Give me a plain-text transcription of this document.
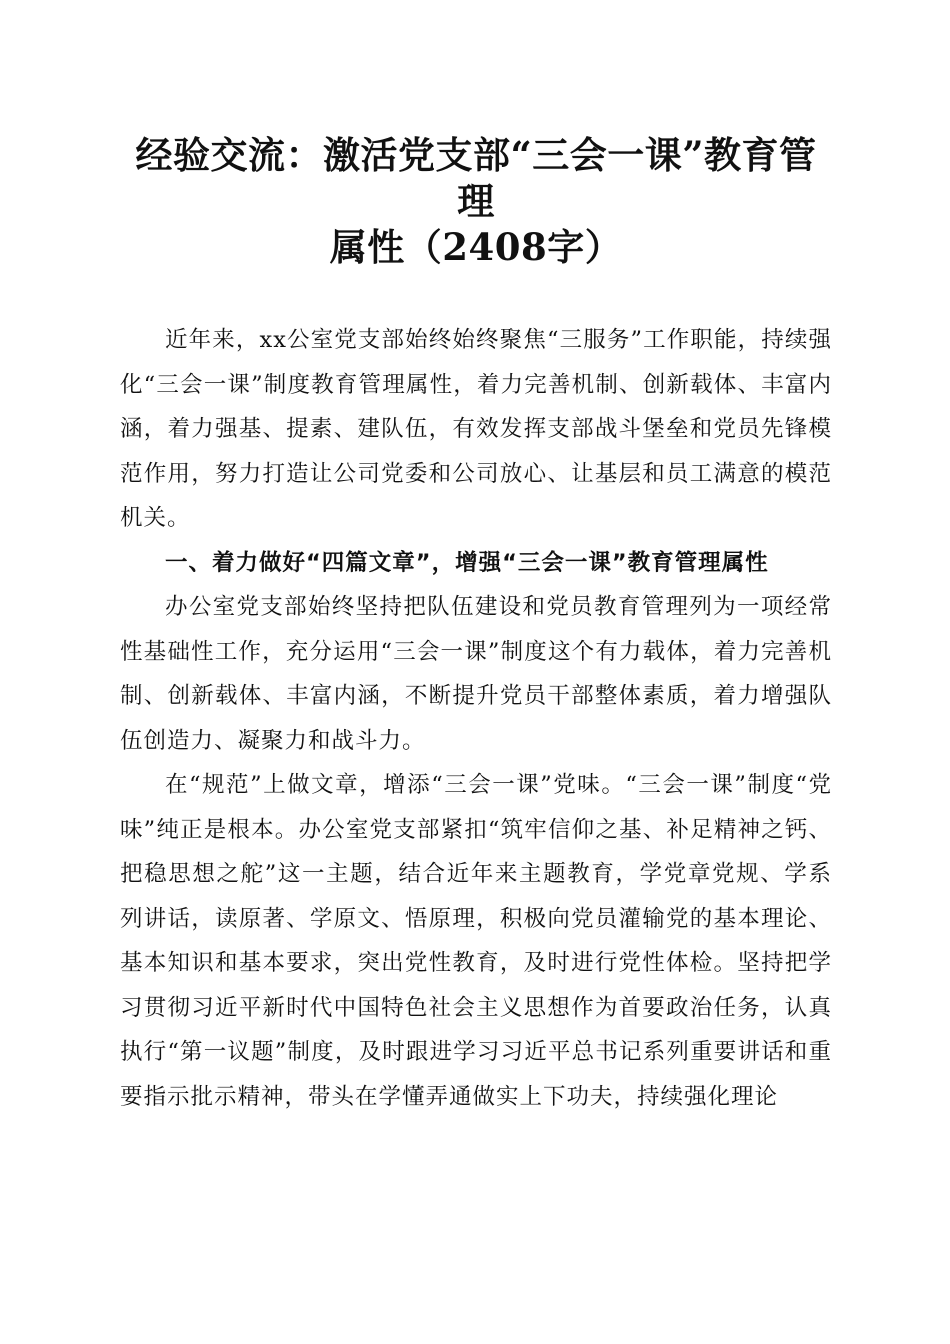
经验交流：激活党支部“三会一课”教育管理
属性（2408字）

近年来，xx公室党支部始终始终聚焦“三服务”工作职能，持续强化“三会一课”制度教育管理属性，着力完善机制、创新载体、丰富内涵，着力强基、提素、建队伍，有效发挥支部战斗堡垒和党员先锋模范作用，努力打造让公司党委和公司放心、让基层和员工满意的模范机关。

一、着力做好“四篇文章”，增强“三会一课”教育管理属性

办公室党支部始终坚持把队伍建设和党员教育管理列为一项经常性基础性工作，充分运用“三会一课”制度这个有力载体，着力完善机制、创新载体、丰富内涵，不断提升党员干部整体素质，着力增强队伍创造力、凝聚力和战斗力。

在“规范”上做文章，增添“三会一课”党味。“三会一课”制度“党味”纯正是根本。办公室党支部紧扣“筑牢信仰之基、补足精神之钙、把稳思想之舵”这一主题，结合近年来主题教育，学党章党规、学系列讲话，读原著、学原文、悟原理，积极向党员灌输党的基本理论、基本知识和基本要求，突出党性教育，及时进行党性体检。坚持把学习贯彻习近平新时代中国特色社会主义思想作为首要政治任务，认真执行“第一议题”制度，及时跟进学习习近平总书记系列重要讲话和重要指示批示精神，带头在学懂弄通做实上下功夫，持续强化理论
